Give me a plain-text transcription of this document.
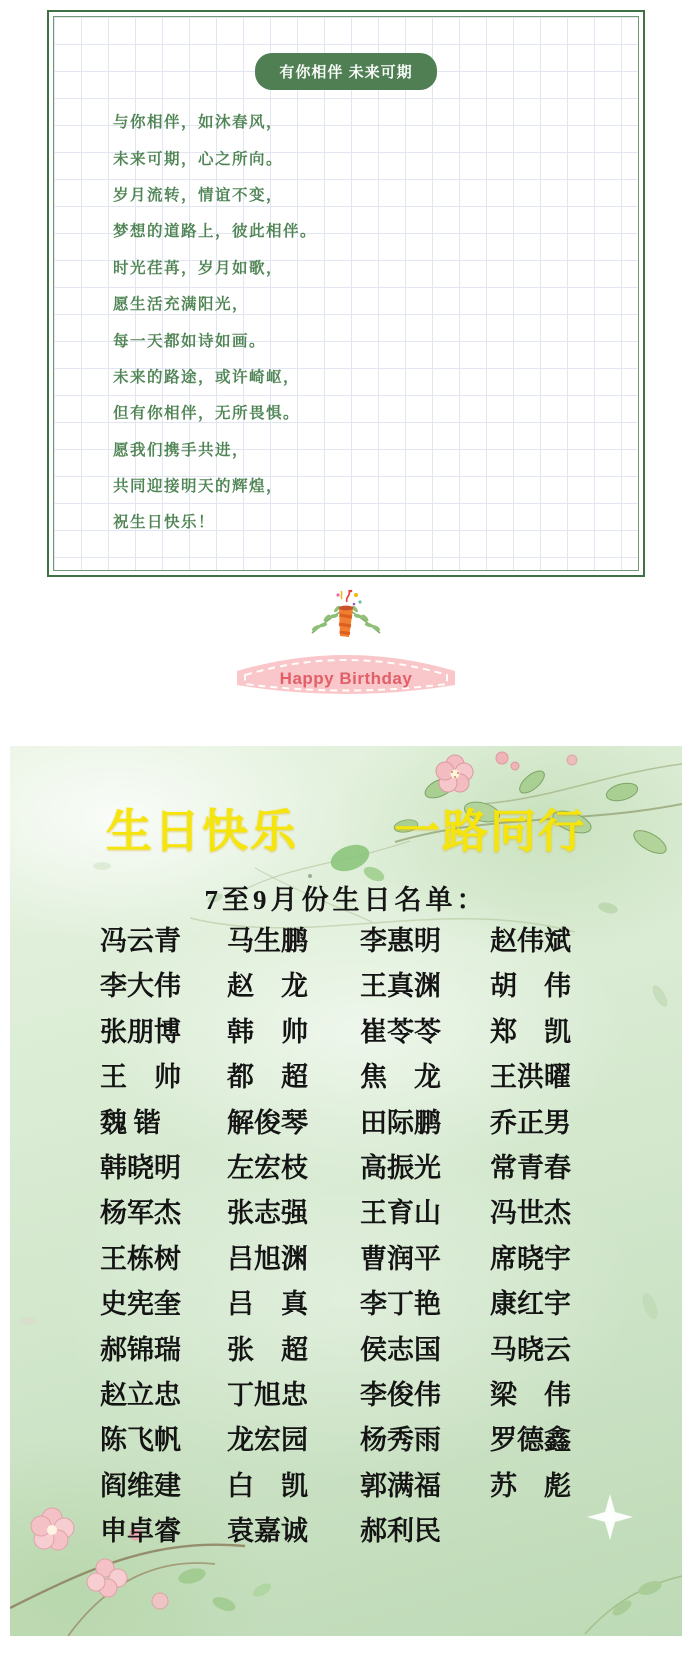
有你相伴 未来可期
与你相伴，如沐春风，
未来可期，心之所向。
岁月流转，情谊不变，
梦想的道路上，彼此相伴。
时光荏苒，岁月如歌，
愿生活充满阳光，
每一天都如诗如画。
未来的路途，或许崎岖，
但有你相伴，无所畏惧。
愿我们携手共进，
共同迎接明天的辉煌，
祝生日快乐！
Happy Birthday
生日快乐　　一路同行
7至9月份生日名单：
冯云青	马生鹏	李惠明	赵伟斌
李大伟	赵　龙	王真渊	胡　伟
张朋博	韩　帅	崔苓苓	郑　凯
王　帅	都　超	焦　龙	王洪曜
魏 锴	解俊琴	田际鹏	乔正男
韩晓明	左宏枝	高振光	常青春
杨军杰	张志强	王育山	冯世杰
王栋树	吕旭渊	曹润平	席晓宇
史宪奎	吕　真	李丁艳	康红宇
郝锦瑞	张　超	侯志国	马晓云
赵立忠	丁旭忠	李俊伟	梁　伟
陈飞帆	龙宏园	杨秀雨	罗德鑫
阎维建	白　凯	郭满福	苏　彪
申卓睿	袁嘉诚	郝利民
